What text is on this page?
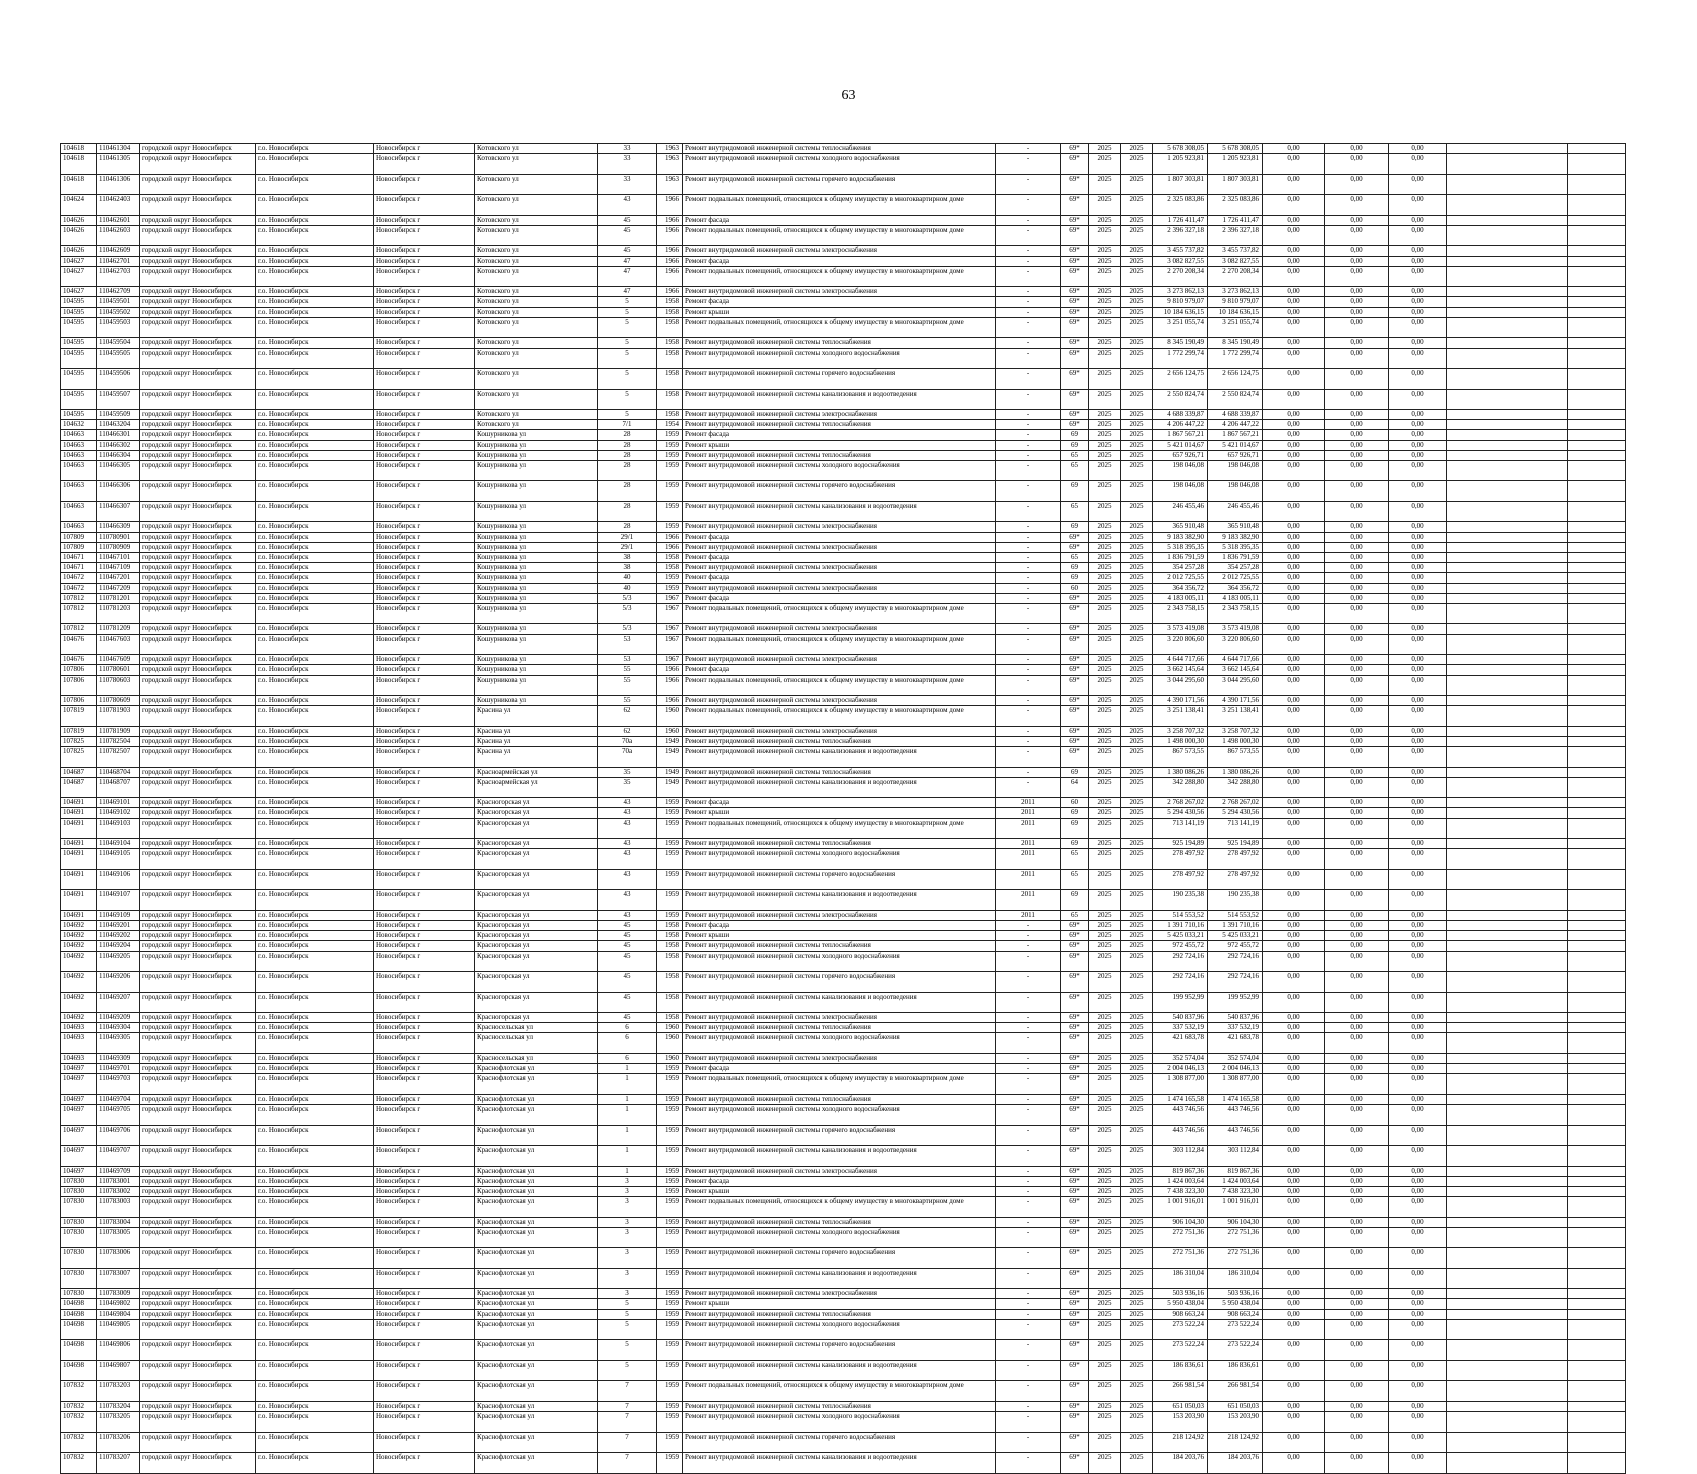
63
104618	110461304	городской округ Новосибирск	г.о. Новосибирск	Новосибирск г	Котовского ул	33	1963	Ремонт внутридомовой инженерной системы теплоснабжения	-	69*	2025	2025	5 678 308,05	5 678 308,05	0,00	0,00	0,00		
104618	110461305	городской округ Новосибирск	г.о. Новосибирск	Новосибирск г	Котовского ул	33	1963	Ремонт внутридомовой инженерной системы холодного водоснабжения	-	69*	2025	2025	1 205 923,81	1 205 923,81	0,00	0,00	0,00		
104618	110461306	городской округ Новосибирск	г.о. Новосибирск	Новосибирск г	Котовского ул	33	1963	Ремонт внутридомовой инженерной системы горячего водоснабжения	-	69*	2025	2025	1 807 303,81	1 807 303,81	0,00	0,00	0,00		
104624	110462403	городской округ Новосибирск	г.о. Новосибирск	Новосибирск г	Котовского ул	43	1966	Ремонт подвальных помещений, относящихся к общему имуществу в многоквартирном доме	-	69*	2025	2025	2 325 083,86	2 325 083,86	0,00	0,00	0,00		
104626	110462601	городской округ Новосибирск	г.о. Новосибирск	Новосибирск г	Котовского ул	45	1966	Ремонт фасада	-	69*	2025	2025	1 726 411,47	1 726 411,47	0,00	0,00	0,00		
104626	110462603	городской округ Новосибирск	г.о. Новосибирск	Новосибирск г	Котовского ул	45	1966	Ремонт подвальных помещений, относящихся к общему имуществу в многоквартирном доме	-	69*	2025	2025	2 396 327,18	2 396 327,18	0,00	0,00	0,00		
104626	110462609	городской округ Новосибирск	г.о. Новосибирск	Новосибирск г	Котовского ул	45	1966	Ремонт внутридомовой инженерной системы электроснабжения	-	69*	2025	2025	3 455 737,82	3 455 737,82	0,00	0,00	0,00		
104627	110462701	городской округ Новосибирск	г.о. Новосибирск	Новосибирск г	Котовского ул	47	1966	Ремонт фасада	-	69*	2025	2025	3 082 827,55	3 082 827,55	0,00	0,00	0,00		
104627	110462703	городской округ Новосибирск	г.о. Новосибирск	Новосибирск г	Котовского ул	47	1966	Ремонт подвальных помещений, относящихся к общему имуществу в многоквартирном доме	-	69*	2025	2025	2 270 208,34	2 270 208,34	0,00	0,00	0,00		
104627	110462709	городской округ Новосибирск	г.о. Новосибирск	Новосибирск г	Котовского ул	47	1966	Ремонт внутридомовой инженерной системы электроснабжения	-	69*	2025	2025	3 273 862,13	3 273 862,13	0,00	0,00	0,00		
104595	110459501	городской округ Новосибирск	г.о. Новосибирск	Новосибирск г	Котовского ул	5	1958	Ремонт фасада	-	69*	2025	2025	9 810 979,07	9 810 979,07	0,00	0,00	0,00		
104595	110459502	городской округ Новосибирск	г.о. Новосибирск	Новосибирск г	Котовского ул	5	1958	Ремонт крыши	-	69*	2025	2025	10 184 636,15	10 184 636,15	0,00	0,00	0,00		
104595	110459503	городской округ Новосибирск	г.о. Новосибирск	Новосибирск г	Котовского ул	5	1958	Ремонт подвальных помещений, относящихся к общему имуществу в многоквартирном доме	-	69*	2025	2025	3 251 055,74	3 251 055,74	0,00	0,00	0,00		
104595	110459504	городской округ Новосибирск	г.о. Новосибирск	Новосибирск г	Котовского ул	5	1958	Ремонт внутридомовой инженерной системы теплоснабжения	-	69*	2025	2025	8 345 190,49	8 345 190,49	0,00	0,00	0,00		
104595	110459505	городской округ Новосибирск	г.о. Новосибирск	Новосибирск г	Котовского ул	5	1958	Ремонт внутридомовой инженерной системы холодного водоснабжения	-	69*	2025	2025	1 772 299,74	1 772 299,74	0,00	0,00	0,00		
104595	110459506	городской округ Новосибирск	г.о. Новосибирск	Новосибирск г	Котовского ул	5	1958	Ремонт внутридомовой инженерной системы горячего водоснабжения	-	69*	2025	2025	2 656 124,75	2 656 124,75	0,00	0,00	0,00		
104595	110459507	городской округ Новосибирск	г.о. Новосибирск	Новосибирск г	Котовского ул	5	1958	Ремонт внутридомовой инженерной системы канализования и водоотведения	-	69*	2025	2025	2 550 824,74	2 550 824,74	0,00	0,00	0,00		
104595	110459509	городской округ Новосибирск	г.о. Новосибирск	Новосибирск г	Котовского ул	5	1958	Ремонт внутридомовой инженерной системы электроснабжения	-	69*	2025	2025	4 688 339,87	4 688 339,87	0,00	0,00	0,00		
104632	110463204	городской округ Новосибирск	г.о. Новосибирск	Новосибирск г	Котовского ул	7/1	1954	Ремонт внутридомовой инженерной системы теплоснабжения	-	69*	2025	2025	4 206 447,22	4 206 447,22	0,00	0,00	0,00		
104663	110466301	городской округ Новосибирск	г.о. Новосибирск	Новосибирск г	Кошурникова ул	28	1959	Ремонт фасада	-	69	2025	2025	1 867 567,21	1 867 567,21	0,00	0,00	0,00		
104663	110466302	городской округ Новосибирск	г.о. Новосибирск	Новосибирск г	Кошурникова ул	28	1959	Ремонт крыши	-	69	2025	2025	5 421 014,67	5 421 014,67	0,00	0,00	0,00		
104663	110466304	городской округ Новосибирск	г.о. Новосибирск	Новосибирск г	Кошурникова ул	28	1959	Ремонт внутридомовой инженерной системы теплоснабжения	-	65	2025	2025	657 926,71	657 926,71	0,00	0,00	0,00		
104663	110466305	городской округ Новосибирск	г.о. Новосибирск	Новосибирск г	Кошурникова ул	28	1959	Ремонт внутридомовой инженерной системы холодного водоснабжения	-	65	2025	2025	198 046,08	198 046,08	0,00	0,00	0,00		
104663	110466306	городской округ Новосибирск	г.о. Новосибирск	Новосибирск г	Кошурникова ул	28	1959	Ремонт внутридомовой инженерной системы горячего водоснабжения	-	69	2025	2025	198 046,08	198 046,08	0,00	0,00	0,00		
104663	110466307	городской округ Новосибирск	г.о. Новосибирск	Новосибирск г	Кошурникова ул	28	1959	Ремонт внутридомовой инженерной системы канализования и водоотведения	-	65	2025	2025	246 455,46	246 455,46	0,00	0,00	0,00		
104663	110466309	городской округ Новосибирск	г.о. Новосибирск	Новосибирск г	Кошурникова ул	28	1959	Ремонт внутридомовой инженерной системы электроснабжения	-	69	2025	2025	365 910,48	365 910,48	0,00	0,00	0,00		
107809	110780901	городской округ Новосибирск	г.о. Новосибирск	Новосибирск г	Кошурникова ул	29/1	1966	Ремонт фасада	-	69*	2025	2025	9 183 382,90	9 183 382,90	0,00	0,00	0,00		
107809	110780909	городской округ Новосибирск	г.о. Новосибирск	Новосибирск г	Кошурникова ул	29/1	1966	Ремонт внутридомовой инженерной системы электроснабжения	-	69*	2025	2025	5 318 395,35	5 318 395,35	0,00	0,00	0,00		
104671	110467101	городской округ Новосибирск	г.о. Новосибирск	Новосибирск г	Кошурникова ул	38	1958	Ремонт фасада	-	65	2025	2025	1 836 791,59	1 836 791,59	0,00	0,00	0,00		
104671	110467109	городской округ Новосибирск	г.о. Новосибирск	Новосибирск г	Кошурникова ул	38	1958	Ремонт внутридомовой инженерной системы электроснабжения	-	69	2025	2025	354 257,28	354 257,28	0,00	0,00	0,00		
104672	110467201	городской округ Новосибирск	г.о. Новосибирск	Новосибирск г	Кошурникова ул	40	1959	Ремонт фасада	-	69	2025	2025	2 012 725,55	2 012 725,55	0,00	0,00	0,00		
104672	110467209	городской округ Новосибирск	г.о. Новосибирск	Новосибирск г	Кошурникова ул	40	1959	Ремонт внутридомовой инженерной системы электроснабжения	-	60	2025	2025	364 356,72	364 356,72	0,00	0,00	0,00		
107812	110781201	городской округ Новосибирск	г.о. Новосибирск	Новосибирск г	Кошурникова ул	5/3	1967	Ремонт фасада	-	69*	2025	2025	4 183 005,11	4 183 005,11	0,00	0,00	0,00		
107812	110781203	городской округ Новосибирск	г.о. Новосибирск	Новосибирск г	Кошурникова ул	5/3	1967	Ремонт подвальных помещений, относящихся к общему имуществу в многоквартирном доме	-	69*	2025	2025	2 343 758,15	2 343 758,15	0,00	0,00	0,00		
107812	110781209	городской округ Новосибирск	г.о. Новосибирск	Новосибирск г	Кошурникова ул	5/3	1967	Ремонт внутридомовой инженерной системы электроснабжения	-	69*	2025	2025	3 573 419,08	3 573 419,08	0,00	0,00	0,00		
104676	110467603	городской округ Новосибирск	г.о. Новосибирск	Новосибирск г	Кошурникова ул	53	1967	Ремонт подвальных помещений, относящихся к общему имуществу в многоквартирном доме	-	69*	2025	2025	3 220 806,60	3 220 806,60	0,00	0,00	0,00		
104676	110467609	городской округ Новосибирск	г.о. Новосибирск	Новосибирск г	Кошурникова ул	53	1967	Ремонт внутридомовой инженерной системы электроснабжения	-	69*	2025	2025	4 644 717,66	4 644 717,66	0,00	0,00	0,00		
107806	110780601	городской округ Новосибирск	г.о. Новосибирск	Новосибирск г	Кошурникова ул	55	1966	Ремонт фасада	-	69*	2025	2025	3 662 145,64	3 662 145,64	0,00	0,00	0,00		
107806	110780603	городской округ Новосибирск	г.о. Новосибирск	Новосибирск г	Кошурникова ул	55	1966	Ремонт подвальных помещений, относящихся к общему имуществу в многоквартирном доме	-	69*	2025	2025	3 044 295,60	3 044 295,60	0,00	0,00	0,00		
107806	110780609	городской округ Новосибирск	г.о. Новосибирск	Новосибирск г	Кошурникова ул	55	1966	Ремонт внутридомовой инженерной системы электроснабжения	-	69*	2025	2025	4 390 171,56	4 390 171,56	0,00	0,00	0,00		
107819	110781903	городской округ Новосибирск	г.о. Новосибирск	Новосибирск г	Красина ул	62	1960	Ремонт подвальных помещений, относящихся к общему имуществу в многоквартирном доме	-	69*	2025	2025	3 251 138,41	3 251 138,41	0,00	0,00	0,00		
107819	110781909	городской округ Новосибирск	г.о. Новосибирск	Новосибирск г	Красина ул	62	1960	Ремонт внутридомовой инженерной системы электроснабжения	-	69*	2025	2025	3 258 707,32	3 258 707,32	0,00	0,00	0,00		
107825	110782504	городской округ Новосибирск	г.о. Новосибирск	Новосибирск г	Красина ул	70а	1949	Ремонт внутридомовой инженерной системы теплоснабжения	-	69*	2025	2025	1 498 000,30	1 498 000,30	0,00	0,00	0,00		
107825	110782507	городской округ Новосибирск	г.о. Новосибирск	Новосибирск г	Красина ул	70а	1949	Ремонт внутридомовой инженерной системы канализования и водоотведения	-	69*	2025	2025	867 573,55	867 573,55	0,00	0,00	0,00		
104687	110468704	городской округ Новосибирск	г.о. Новосибирск	Новосибирск г	Красноармейская ул	35	1949	Ремонт внутридомовой инженерной системы теплоснабжения	-	69	2025	2025	1 380 086,26	1 380 086,26	0,00	0,00	0,00		
104687	110468707	городской округ Новосибирск	г.о. Новосибирск	Новосибирск г	Красноармейская ул	35	1949	Ремонт внутридомовой инженерной системы канализования и водоотведения	-	64	2025	2025	342 288,80	342 288,80	0,00	0,00	0,00		
104691	110469101	городской округ Новосибирск	г.о. Новосибирск	Новосибирск г	Красногорская ул	43	1959	Ремонт фасада	2011	60	2025	2025	2 768 267,02	2 768 267,02	0,00	0,00	0,00		
104691	110469102	городской округ Новосибирск	г.о. Новосибирск	Новосибирск г	Красногорская ул	43	1959	Ремонт крыши	2011	69	2025	2025	5 294 430,56	5 294 430,56	0,00	0,00	0,00		
104691	110469103	городской округ Новосибирск	г.о. Новосибирск	Новосибирск г	Красногорская ул	43	1959	Ремонт подвальных помещений, относящихся к общему имуществу в многоквартирном доме	2011	69	2025	2025	713 141,19	713 141,19	0,00	0,00	0,00		
104691	110469104	городской округ Новосибирск	г.о. Новосибирск	Новосибирск г	Красногорская ул	43	1959	Ремонт внутридомовой инженерной системы теплоснабжения	2011	69	2025	2025	925 194,89	925 194,89	0,00	0,00	0,00		
104691	110469105	городской округ Новосибирск	г.о. Новосибирск	Новосибирск г	Красногорская ул	43	1959	Ремонт внутридомовой инженерной системы холодного водоснабжения	2011	65	2025	2025	278 497,92	278 497,92	0,00	0,00	0,00		
104691	110469106	городской округ Новосибирск	г.о. Новосибирск	Новосибирск г	Красногорская ул	43	1959	Ремонт внутридомовой инженерной системы горячего водоснабжения	2011	65	2025	2025	278 497,92	278 497,92	0,00	0,00	0,00		
104691	110469107	городской округ Новосибирск	г.о. Новосибирск	Новосибирск г	Красногорская ул	43	1959	Ремонт внутридомовой инженерной системы канализования и водоотведения	2011	69	2025	2025	190 235,38	190 235,38	0,00	0,00	0,00		
104691	110469109	городской округ Новосибирск	г.о. Новосибирск	Новосибирск г	Красногорская ул	43	1959	Ремонт внутридомовой инженерной системы электроснабжения	2011	65	2025	2025	514 553,52	514 553,52	0,00	0,00	0,00		
104692	110469201	городской округ Новосибирск	г.о. Новосибирск	Новосибирск г	Красногорская ул	45	1958	Ремонт фасада	-	69*	2025	2025	1 391 710,16	1 391 710,16	0,00	0,00	0,00		
104692	110469202	городской округ Новосибирск	г.о. Новосибирск	Новосибирск г	Красногорская ул	45	1958	Ремонт крыши	-	69*	2025	2025	5 425 033,21	5 425 033,21	0,00	0,00	0,00		
104692	110469204	городской округ Новосибирск	г.о. Новосибирск	Новосибирск г	Красногорская ул	45	1958	Ремонт внутридомовой инженерной системы теплоснабжения	-	69*	2025	2025	972 455,72	972 455,72	0,00	0,00	0,00		
104692	110469205	городской округ Новосибирск	г.о. Новосибирск	Новосибирск г	Красногорская ул	45	1958	Ремонт внутридомовой инженерной системы холодного водоснабжения	-	69*	2025	2025	292 724,16	292 724,16	0,00	0,00	0,00		
104692	110469206	городской округ Новосибирск	г.о. Новосибирск	Новосибирск г	Красногорская ул	45	1958	Ремонт внутридомовой инженерной системы горячего водоснабжения	-	69*	2025	2025	292 724,16	292 724,16	0,00	0,00	0,00		
104692	110469207	городской округ Новосибирск	г.о. Новосибирск	Новосибирск г	Красногорская ул	45	1958	Ремонт внутридомовой инженерной системы канализования и водоотведения	-	69*	2025	2025	199 952,99	199 952,99	0,00	0,00	0,00		
104692	110469209	городской округ Новосибирск	г.о. Новосибирск	Новосибирск г	Красногорская ул	45	1958	Ремонт внутридомовой инженерной системы электроснабжения	-	69*	2025	2025	540 837,96	540 837,96	0,00	0,00	0,00		
104693	110469304	городской округ Новосибирск	г.о. Новосибирск	Новосибирск г	Красносельская ул	6	1960	Ремонт внутридомовой инженерной системы теплоснабжения	-	69*	2025	2025	337 532,19	337 532,19	0,00	0,00	0,00		
104693	110469305	городской округ Новосибирск	г.о. Новосибирск	Новосибирск г	Красносельская ул	6	1960	Ремонт внутридомовой инженерной системы холодного водоснабжения	-	69*	2025	2025	421 683,78	421 683,78	0,00	0,00	0,00		
104693	110469309	городской округ Новосибирск	г.о. Новосибирск	Новосибирск г	Красносельская ул	6	1960	Ремонт внутридомовой инженерной системы электроснабжения	-	69*	2025	2025	352 574,04	352 574,04	0,00	0,00	0,00		
104697	110469701	городской округ Новосибирск	г.о. Новосибирск	Новосибирск г	Краснофлотская ул	1	1959	Ремонт фасада	-	69*	2025	2025	2 004 046,13	2 004 046,13	0,00	0,00	0,00		
104697	110469703	городской округ Новосибирск	г.о. Новосибирск	Новосибирск г	Краснофлотская ул	1	1959	Ремонт подвальных помещений, относящихся к общему имуществу в многоквартирном доме	-	69*	2025	2025	1 308 877,00	1 308 877,00	0,00	0,00	0,00		
104697	110469704	городской округ Новосибирск	г.о. Новосибирск	Новосибирск г	Краснофлотская ул	1	1959	Ремонт внутридомовой инженерной системы теплоснабжения	-	69*	2025	2025	1 474 165,58	1 474 165,58	0,00	0,00	0,00		
104697	110469705	городской округ Новосибирск	г.о. Новосибирск	Новосибирск г	Краснофлотская ул	1	1959	Ремонт внутридомовой инженерной системы холодного водоснабжения	-	69*	2025	2025	443 746,56	443 746,56	0,00	0,00	0,00		
104697	110469706	городской округ Новосибирск	г.о. Новосибирск	Новосибирск г	Краснофлотская ул	1	1959	Ремонт внутридомовой инженерной системы горячего водоснабжения	-	69*	2025	2025	443 746,56	443 746,56	0,00	0,00	0,00		
104697	110469707	городской округ Новосибирск	г.о. Новосибирск	Новосибирск г	Краснофлотская ул	1	1959	Ремонт внутридомовой инженерной системы канализования и водоотведения	-	69*	2025	2025	303 112,84	303 112,84	0,00	0,00	0,00		
104697	110469709	городской округ Новосибирск	г.о. Новосибирск	Новосибирск г	Краснофлотская ул	1	1959	Ремонт внутридомовой инженерной системы электроснабжения	-	69*	2025	2025	819 867,36	819 867,36	0,00	0,00	0,00		
107830	110783001	городской округ Новосибирск	г.о. Новосибирск	Новосибирск г	Краснофлотская ул	3	1959	Ремонт фасада	-	69*	2025	2025	1 424 003,64	1 424 003,64	0,00	0,00	0,00		
107830	110783002	городской округ Новосибирск	г.о. Новосибирск	Новосибирск г	Краснофлотская ул	3	1959	Ремонт крыши	-	69*	2025	2025	7 438 323,30	7 438 323,30	0,00	0,00	0,00		
107830	110783003	городской округ Новосибирск	г.о. Новосибирск	Новосибирск г	Краснофлотская ул	3	1959	Ремонт подвальных помещений, относящихся к общему имуществу в многоквартирном доме	-	69*	2025	2025	1 001 916,01	1 001 916,01	0,00	0,00	0,00		
107830	110783004	городской округ Новосибирск	г.о. Новосибирск	Новосибирск г	Краснофлотская ул	3	1959	Ремонт внутридомовой инженерной системы теплоснабжения	-	69*	2025	2025	906 104,30	906 104,30	0,00	0,00	0,00		
107830	110783005	городской округ Новосибирск	г.о. Новосибирск	Новосибирск г	Краснофлотская ул	3	1959	Ремонт внутридомовой инженерной системы холодного водоснабжения	-	69*	2025	2025	272 751,36	272 751,36	0,00	0,00	0,00		
107830	110783006	городской округ Новосибирск	г.о. Новосибирск	Новосибирск г	Краснофлотская ул	3	1959	Ремонт внутридомовой инженерной системы горячего водоснабжения	-	69*	2025	2025	272 751,36	272 751,36	0,00	0,00	0,00		
107830	110783007	городской округ Новосибирск	г.о. Новосибирск	Новосибирск г	Краснофлотская ул	3	1959	Ремонт внутридомовой инженерной системы канализования и водоотведения	-	69*	2025	2025	186 310,04	186 310,04	0,00	0,00	0,00		
107830	110783009	городской округ Новосибирск	г.о. Новосибирск	Новосибирск г	Краснофлотская ул	3	1959	Ремонт внутридомовой инженерной системы электроснабжения	-	69*	2025	2025	503 936,16	503 936,16	0,00	0,00	0,00		
104698	110469802	городской округ Новосибирск	г.о. Новосибирск	Новосибирск г	Краснофлотская ул	5	1959	Ремонт крыши	-	69*	2025	2025	5 950 438,04	5 950 438,04	0,00	0,00	0,00		
104698	110469804	городской округ Новосибирск	г.о. Новосибирск	Новосибирск г	Краснофлотская ул	5	1959	Ремонт внутридомовой инженерной системы теплоснабжения	-	69*	2025	2025	908 663,24	908 663,24	0,00	0,00	0,00		
104698	110469805	городской округ Новосибирск	г.о. Новосибирск	Новосибирск г	Краснофлотская ул	5	1959	Ремонт внутридомовой инженерной системы холодного водоснабжения	-	69*	2025	2025	273 522,24	273 522,24	0,00	0,00	0,00		
104698	110469806	городской округ Новосибирск	г.о. Новосибирск	Новосибирск г	Краснофлотская ул	5	1959	Ремонт внутридомовой инженерной системы горячего водоснабжения	-	69*	2025	2025	273 522,24	273 522,24	0,00	0,00	0,00		
104698	110469807	городской округ Новосибирск	г.о. Новосибирск	Новосибирск г	Краснофлотская ул	5	1959	Ремонт внутридомовой инженерной системы канализования и водоотведения	-	69*	2025	2025	186 836,61	186 836,61	0,00	0,00	0,00		
107832	110783203	городской округ Новосибирск	г.о. Новосибирск	Новосибирск г	Краснофлотская ул	7	1959	Ремонт подвальных помещений, относящихся к общему имуществу в многоквартирном доме	-	69*	2025	2025	266 981,54	266 981,54	0,00	0,00	0,00		
107832	110783204	городской округ Новосибирск	г.о. Новосибирск	Новосибирск г	Краснофлотская ул	7	1959	Ремонт внутридомовой инженерной системы теплоснабжения	-	69*	2025	2025	651 050,03	651 050,03	0,00	0,00	0,00		
107832	110783205	городской округ Новосибирск	г.о. Новосибирск	Новосибирск г	Краснофлотская ул	7	1959	Ремонт внутридомовой инженерной системы холодного водоснабжения	-	69*	2025	2025	153 203,90	153 203,90	0,00	0,00	0,00		
107832	110783206	городской округ Новосибирск	г.о. Новосибирск	Новосибирск г	Краснофлотская ул	7	1959	Ремонт внутридомовой инженерной системы горячего водоснабжения	-	69*	2025	2025	218 124,92	218 124,92	0,00	0,00	0,00		
107832	110783207	городской округ Новосибирск	г.о. Новосибирск	Новосибирск г	Краснофлотская ул	7	1959	Ремонт внутридомовой инженерной системы канализования и водоотведения	-	69*	2025	2025	184 203,76	184 203,76	0,00	0,00	0,00		
